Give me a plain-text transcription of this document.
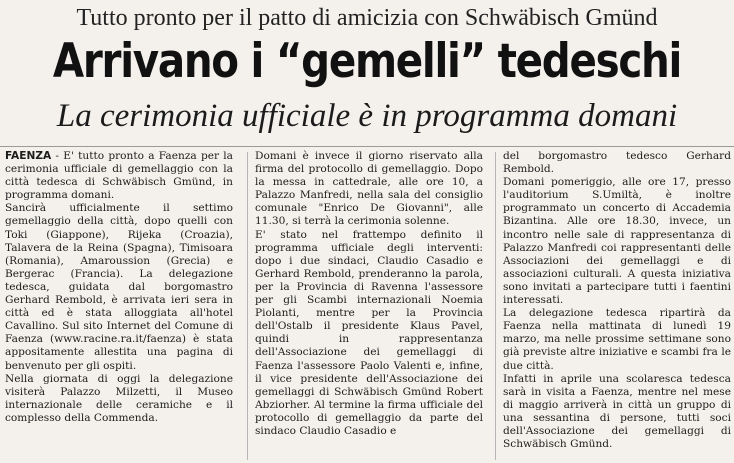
Tutto pronto per il patto di amicizia con Schwäbisch Gmünd
Arrivano i “gemelli” tedeschi
La cerimonia ufficiale è in programma domani

FAENZA - E' tutto pronto a Faenza per la cerimonia ufficiale di gemellaggio con la città tedesca di Schwäbisch Gmünd, in programma domani.

Sancirà ufficialmente il settimo gemellaggio della città, dopo quelli con Toki (Giappone), Rijeka (Croazia), Talavera de la Reina (Spagna), Timisoara (Romania), Amaroussion (Grecia) e Bergerac (Francia). La delegazione tedesca, guidata dal borgomastro Gerhard Rembold, è arrivata ieri sera in città ed è stata alloggiata all'hotel Cavallino. Sul sito Internet del Comune di Faenza (www.racine.ra.it/faenza) è stata appositamente allestita una pagina di benvenuto per gli ospiti.

Nella giornata di oggi la delegazione visiterà Palazzo Milzetti, il Museo internazionale delle ceramiche e il complesso della Commenda.

Domani è invece il giorno riservato alla firma del protocollo di gemellaggio. Dopo la messa in cattedrale, alle ore 10, a Palazzo Manfredi, nella sala del consiglio comunale "Enrico De Giovanni", alle 11.30, si terrà la cerimonia solenne.

E' stato nel frattempo definito il programma ufficiale degli interventi: dopo i due sindaci, Claudio Casadio e Gerhard Rembold, prenderanno la parola, per la Provincia di Ravenna l'assessore per gli Scambi internazionali Noemia Piolanti, mentre per la Provincia dell'Ostalb il presidente Klaus Pavel, quindi in rappresentanza dell'Associazione dei gemellaggi di Faenza l'assessore Paolo Valenti e, infine, il vice presidente dell'Associazione dei gemellaggi di Schwäbisch Gmünd Robert Abziorher. Al termine la firma ufficiale del protocollo di gemellaggio da parte del sindaco Claudio Casadio e

del borgomastro tedesco Gerhard Rembold.

Domani pomeriggio, alle ore 17, presso l'auditorium S.Umiltà, è inoltre programmato un concerto di Accademia Bizantina. Alle ore 18.30, invece, un incontro nelle sale di rappresentanza di Palazzo Manfredi coi rappresentanti delle Associazioni dei gemellaggi e di associazioni culturali. A questa iniziativa sono invitati a partecipare tutti i faentini interessati.

La delegazione tedesca ripartirà da Faenza nella mattinata di lunedì 19 marzo, ma nelle prossime settimane sono già previste altre iniziative e scambi fra le due città.

Infatti in aprile una scolaresca tedesca sarà in visita a Faenza, mentre nel mese di maggio arriverà in città un gruppo di una sessantina di persone, tutti soci dell'Associazione dei gemellaggi di Schwäbisch Gmünd.
